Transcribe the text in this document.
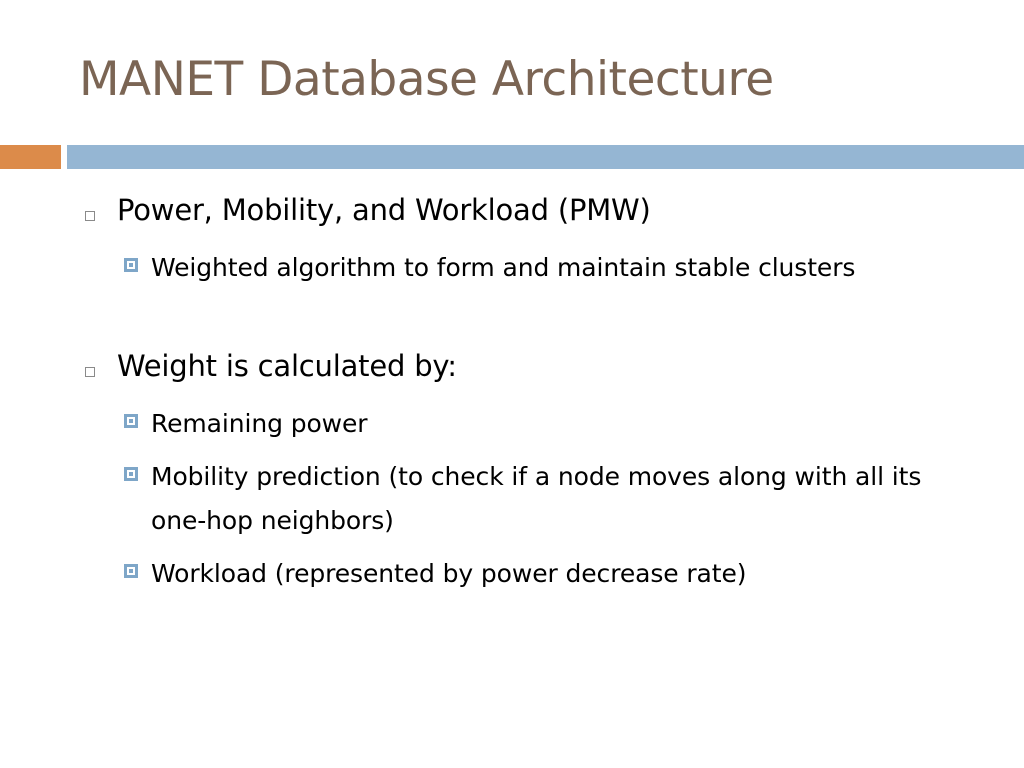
MANET Database Architecture
Power, Mobility, and Workload (PMW)
Weighted algorithm to form and maintain stable clusters
Weight is calculated by:
Remaining power
Mobility prediction (to check if a node moves along with all its one-hop neighbors)
Workload (represented by power decrease rate)
